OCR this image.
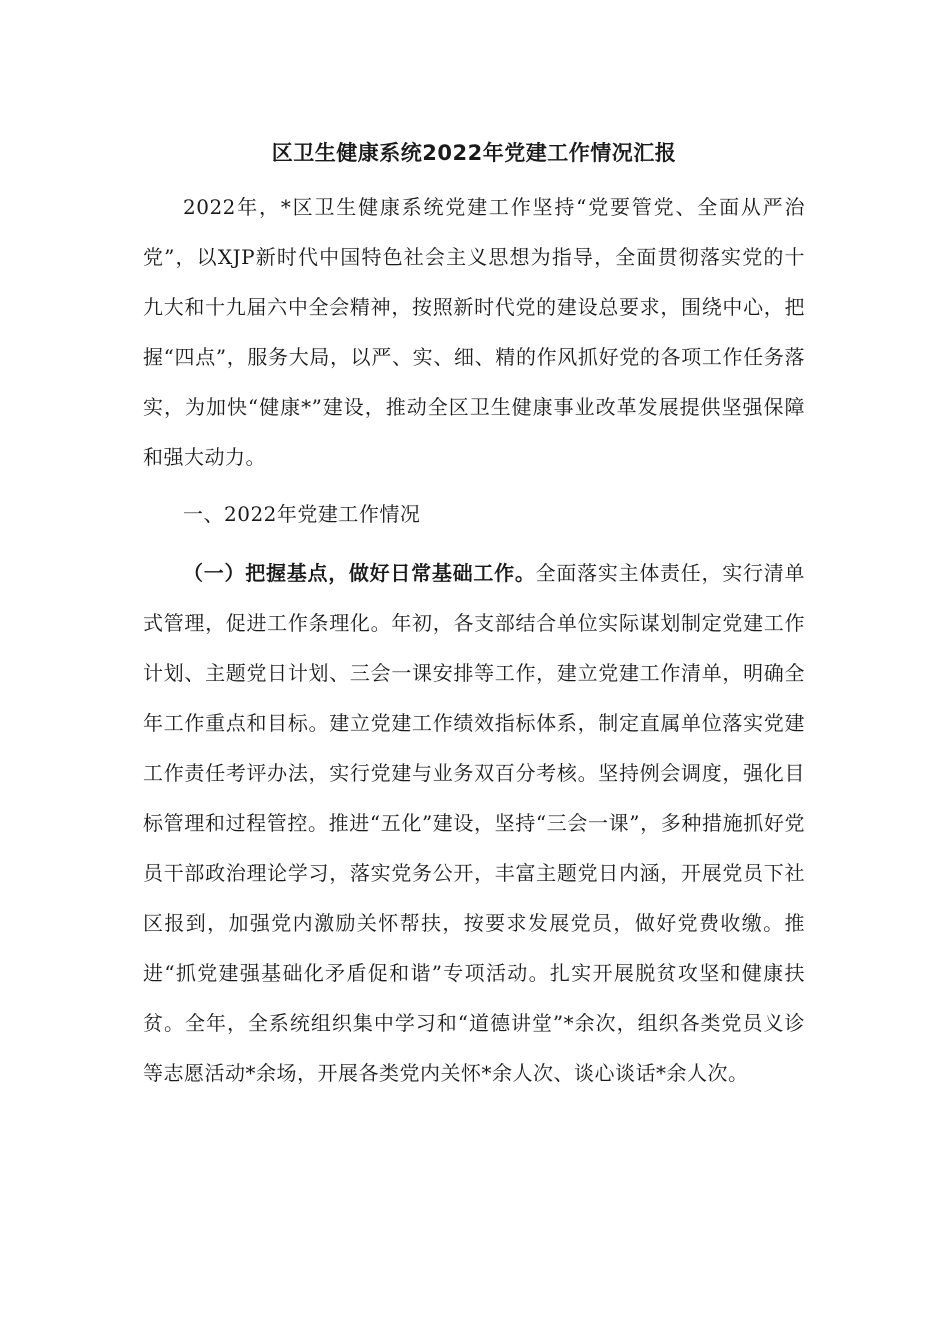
区卫生健康系统2022年党建工作情况汇报

2022年，*区卫生健康系统党建工作坚持“党要管党、全面从严治党”，以XJP新时代中国特色社会主义思想为指导，全面贯彻落实党的十九大和十九届六中全会精神，按照新时代党的建设总要求，围绕中心，把握“四点”，服务大局，以严、实、细、精的作风抓好党的各项工作任务落实，为加快“健康*”建设，推动全区卫生健康事业改革发展提供坚强保障和强大动力。

一、2022年党建工作情况

（一）把握基点，做好日常基础工作。全面落实主体责任，实行清单式管理，促进工作条理化。年初，各支部结合单位实际谋划制定党建工作计划、主题党日计划、三会一课安排等工作，建立党建工作清单，明确全年工作重点和目标。建立党建工作绩效指标体系，制定直属单位落实党建工作责任考评办法，实行党建与业务双百分考核。坚持例会调度，强化目标管理和过程管控。推进“五化”建设，坚持“三会一课”，多种措施抓好党员干部政治理论学习，落实党务公开，丰富主题党日内涵，开展党员下社区报到，加强党内激励关怀帮扶，按要求发展党员，做好党费收缴。推进“抓党建强基础化矛盾促和谐”专项活动。扎实开展脱贫攻坚和健康扶贫。全年，全系统组织集中学习和“道德讲堂”*余次，组织各类党员义诊等志愿活动*余场，开展各类党内关怀*余人次、谈心谈话*余人次。
